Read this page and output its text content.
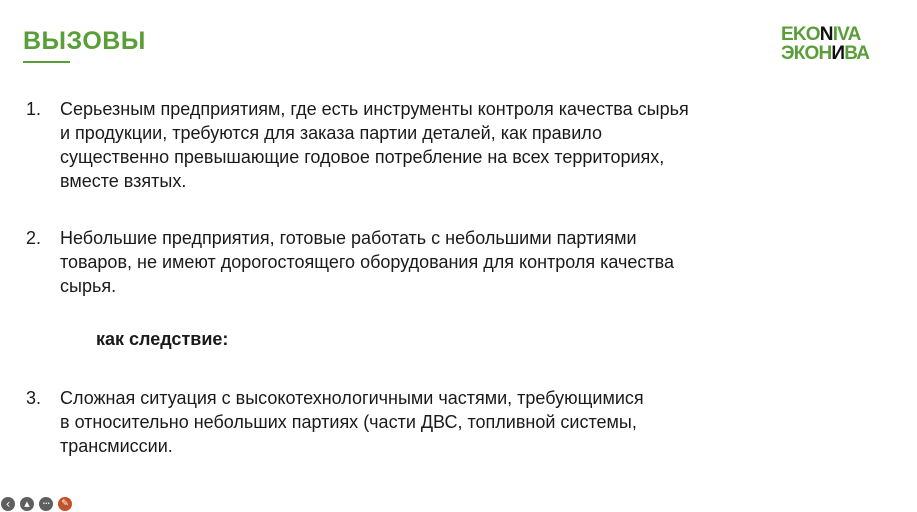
ВЫЗОВЫ	EKONIVA
ЭКОНИВА
1.	Серьезным предприятиям, где есть инструменты контроля качества сырья
и продукции, требуются для заказа партии деталей, как правило
существенно превышающие годовое потребление на всех территориях,
вместе взятых.
2.	Небольшие предприятия, готовые работать с небольшими партиями
товаров, не имеют дорогостоящего оборудования для контроля качества
сырья.
3.	Сложная ситуация с высокотехнологичными частями, требующимися
в относительно небольших партиях (части ДВС, топливной системы,
трансмиссии.
как следствие:
‹ ▲	••• ✎
